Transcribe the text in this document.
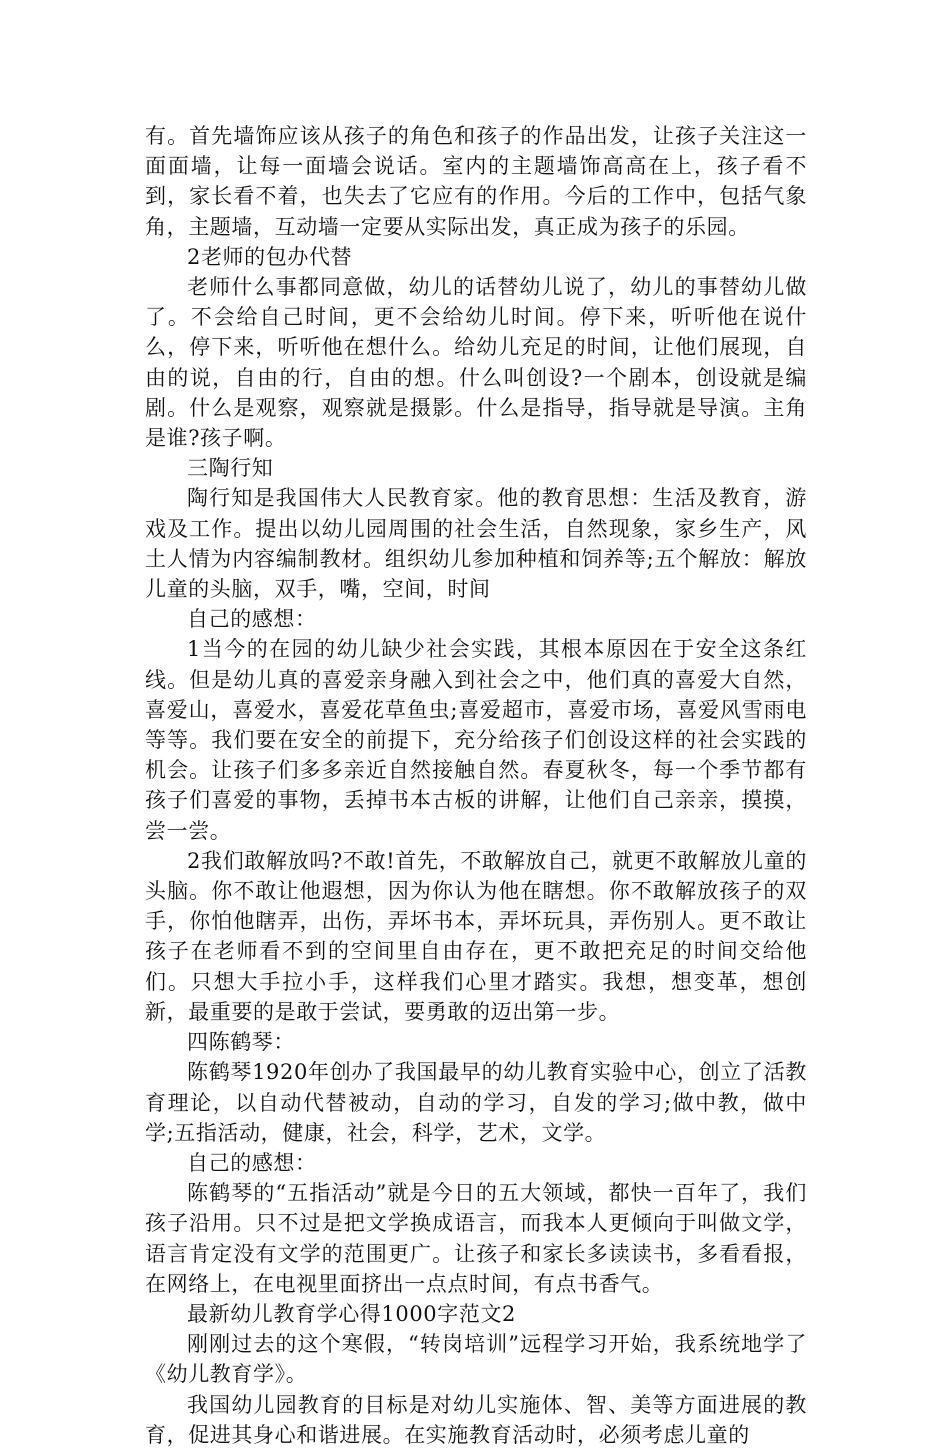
有。首先墙饰应该从孩子的角色和孩子的作品出发，让孩子关注这一面面墙，让每一面墙会说话。室内的主题墙饰高高在上，孩子看不到，家长看不着，也失去了它应有的作用。今后的工作中，包括气象角，主题墙，互动墙一定要从实际出发，真正成为孩子的乐园。

2老师的包办代替

老师什么事都同意做，幼儿的话替幼儿说了，幼儿的事替幼儿做了。不会给自己时间，更不会给幼儿时间。停下来，听听他在说什么，停下来，听听他在想什么。给幼儿充足的时间，让他们展现，自由的说，自由的行，自由的想。什么叫创设?一个剧本，创设就是编剧。什么是观察，观察就是摄影。什么是指导，指导就是导演。主角是谁?孩子啊。

三陶行知

陶行知是我国伟大人民教育家。他的教育思想：生活及教育，游戏及工作。提出以幼儿园周围的社会生活，自然现象，家乡生产，风土人情为内容编制教材。组织幼儿参加种植和饲养等;五个解放：解放儿童的头脑，双手，嘴，空间，时间

自己的感想：

1当今的在园的幼儿缺少社会实践，其根本原因在于安全这条红线。但是幼儿真的喜爱亲身融入到社会之中，他们真的喜爱大自然，喜爱山，喜爱水，喜爱花草鱼虫;喜爱超市，喜爱市场，喜爱风雪雨电等等。我们要在安全的前提下，充分给孩子们创设这样的社会实践的机会。让孩子们多多亲近自然接触自然。春夏秋冬，每一个季节都有孩子们喜爱的事物，丢掉书本古板的讲解，让他们自己亲亲，摸摸，尝一尝。

2我们敢解放吗?不敢!首先，不敢解放自己，就更不敢解放儿童的头脑。你不敢让他遐想，因为你认为他在瞎想。你不敢解放孩子的双手，你怕他瞎弄，出伤，弄坏书本，弄坏玩具，弄伤别人。更不敢让孩子在老师看不到的空间里自由存在，更不敢把充足的时间交给他们。只想大手拉小手，这样我们心里才踏实。我想，想变革，想创新，最重要的是敢于尝试，要勇敢的迈出第一步。

四陈鹤琴：

陈鹤琴1920年创办了我国最早的幼儿教育实验中心，创立了活教育理论，以自动代替被动，自动的学习，自发的学习;做中教，做中学;五指活动，健康，社会，科学，艺术，文学。

自己的感想：

陈鹤琴的“五指活动”就是今日的五大领域，都快一百年了，我们孩子沿用。只不过是把文学换成语言，而我本人更倾向于叫做文学，语言肯定没有文学的范围更广。让孩子和家长多读读书，多看看报，在网络上，在电视里面挤出一点点时间，有点书香气。

最新幼儿教育学心得1000字范文2

刚刚过去的这个寒假，“转岗培训”远程学习开始，我系统地学了《幼儿教育学》。

我国幼儿园教育的目标是对幼儿实施体、智、美等方面进展的教育，促进其身心和谐进展。在实施教育活动时，必须考虑儿童的
